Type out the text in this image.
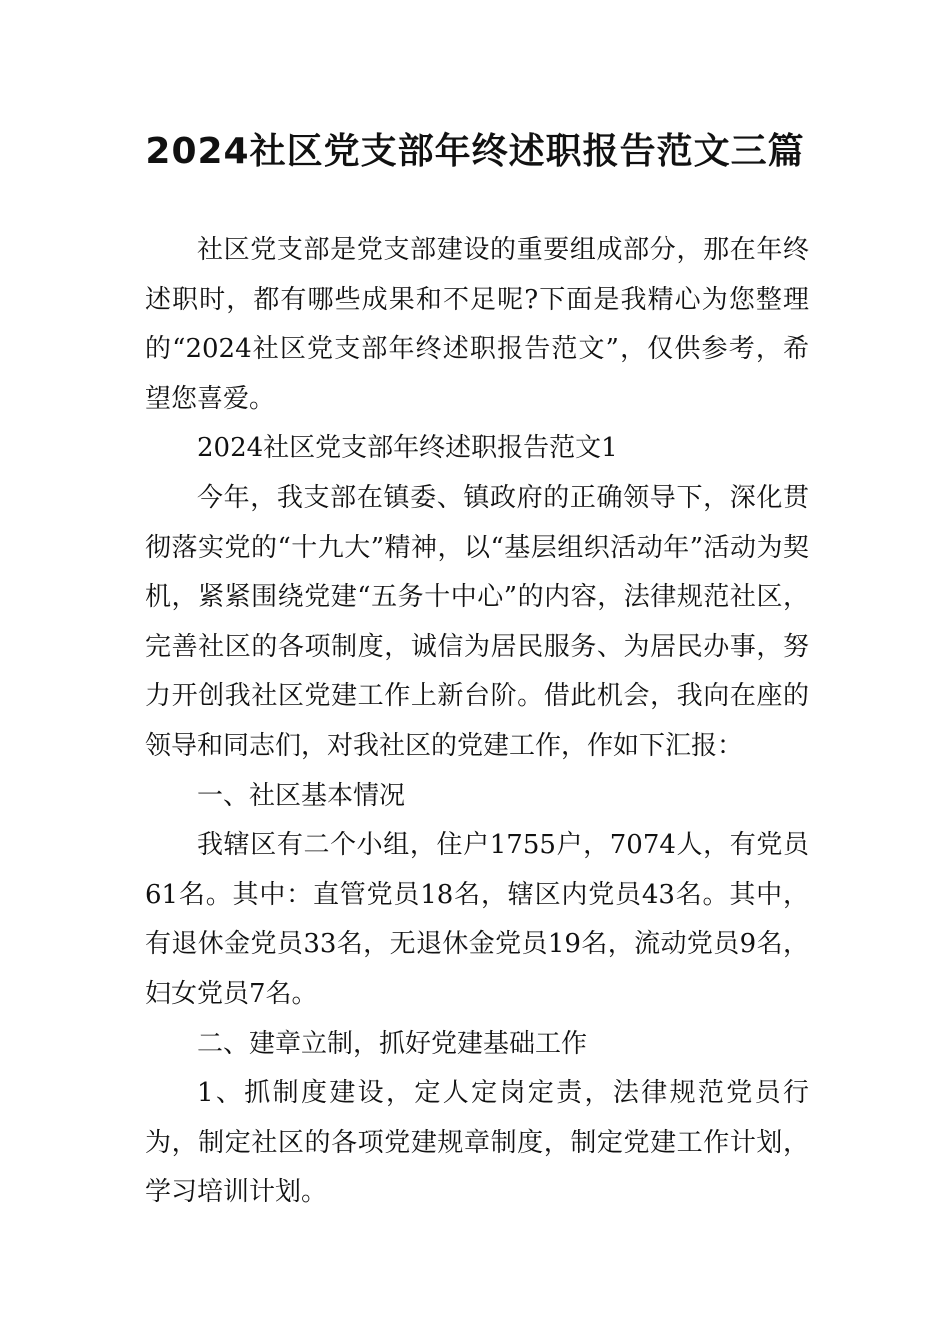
2024社区党支部年终述职报告范文三篇

社区党支部是党支部建设的重要组成部分，那在年终述职时，都有哪些成果和不足呢?下面是我精心为您整理的“2024社区党支部年终述职报告范文”，仅供参考，希望您喜爱。

2024社区党支部年终述职报告范文1

今年，我支部在镇委、镇政府的正确领导下，深化贯彻落实党的“十九大”精神，以“基层组织活动年”活动为契机，紧紧围绕党建“五务十中心”的内容，法律规范社区，完善社区的各项制度，诚信为居民服务、为居民办事，努力开创我社区党建工作上新台阶。借此机会，我向在座的领导和同志们，对我社区的党建工作，作如下汇报：

一、社区基本情况

我辖区有二个小组，住户1755户，7074人，有党员61名。其中：直管党员18名，辖区内党员43名。其中，有退休金党员33名，无退休金党员19名，流动党员9名，妇女党员7名。

二、建章立制，抓好党建基础工作

1、抓制度建设，定人定岗定责，法律规范党员行为，制定社区的各项党建规章制度，制定党建工作计划，学习培训计划。
